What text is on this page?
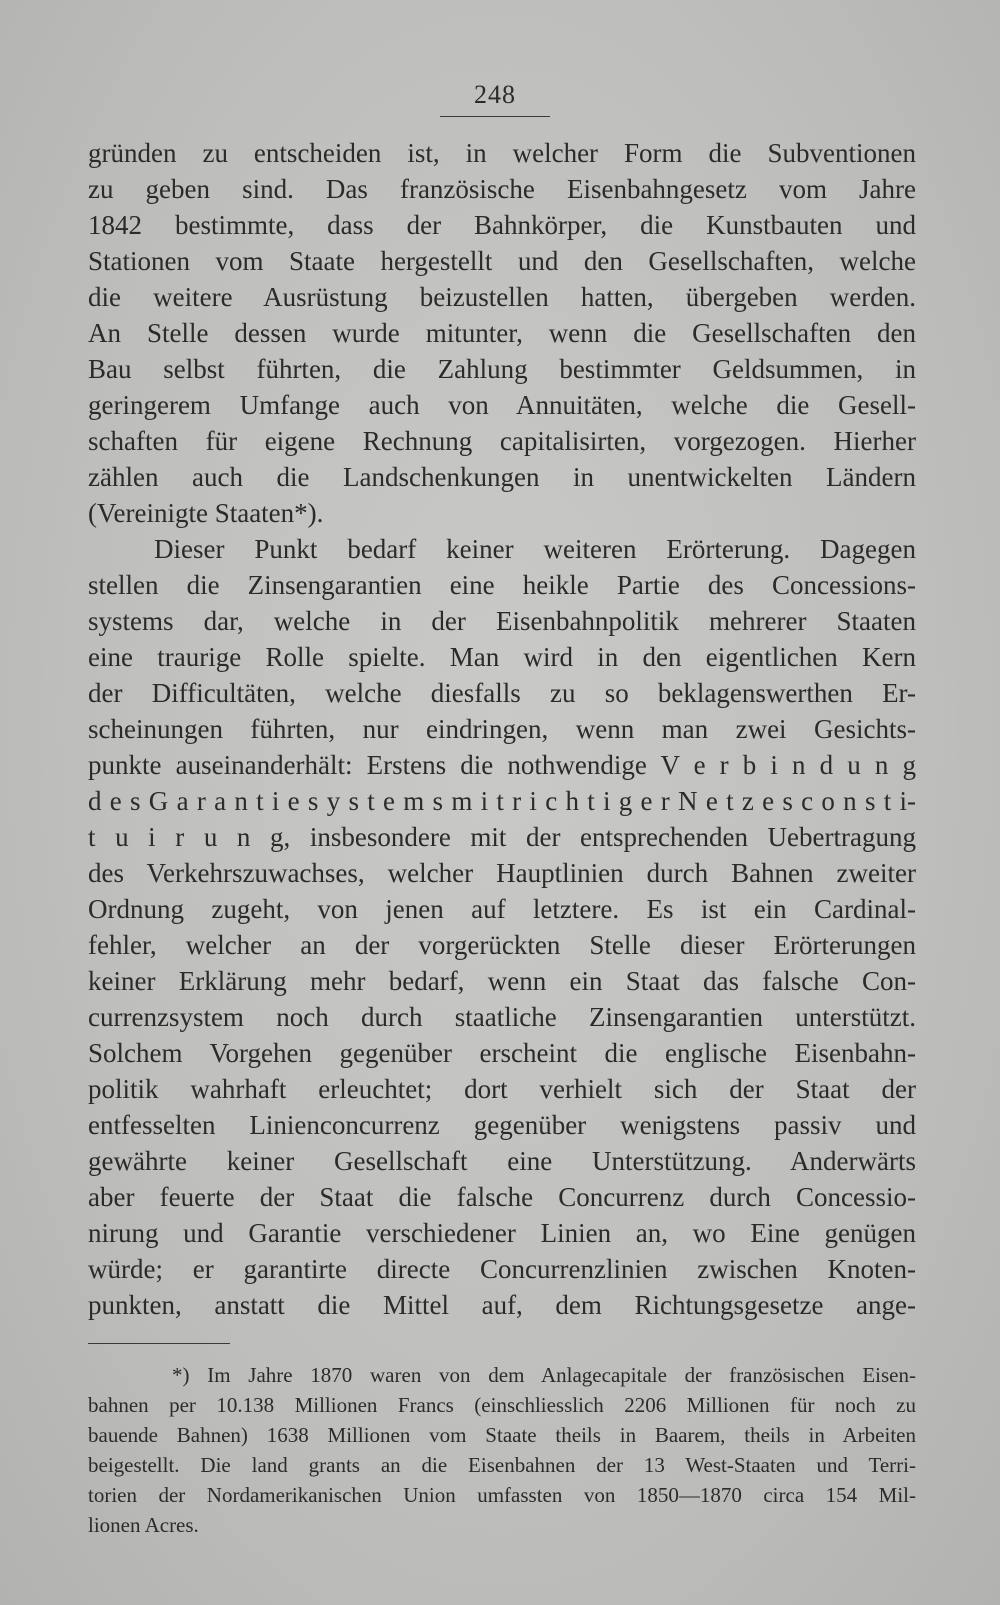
248
gründen zu entscheiden ist, in welcher Form die Subventionen
zu geben sind. Das französische Eisenbahngesetz vom Jahre
1842 bestimmte, dass der Bahnkörper, die Kunstbauten und
Stationen vom Staate hergestellt und den Gesellschaften, welche
die weitere Ausrüstung beizustellen hatten, übergeben werden.
An Stelle dessen wurde mitunter, wenn die Gesellschaften den
Bau selbst führten, die Zahlung bestimmter Geldsummen, in
geringerem Umfange auch von Annuitäten, welche die Gesell-
schaften für eigene Rechnung capitalisirten, vorgezogen. Hierher
zählen auch die Landschenkungen in unentwickelten Ländern
(Vereinigte Staaten*).
Dieser Punkt bedarf keiner weiteren Erörterung. Dagegen
stellen die Zinsengarantien eine heikle Partie des Concessions-
systems dar, welche in der Eisenbahnpolitik mehrerer Staaten
eine traurige Rolle spielte. Man wird in den eigentlichen Kern
der Difficultäten, welche diesfalls zu so beklagenswerthen Er-
scheinungen führten, nur eindringen, wenn man zwei Gesichts-
punkte auseinanderhält: Erstens die nothwendige V e r b i n d u n g
d e s G a r a n t i e s y s t e m s m i t r i c h t i g e r N e t z e s c o n s t i-
t u i r u n g, insbesondere mit der entsprechenden Uebertragung
des Verkehrszuwachses, welcher Hauptlinien durch Bahnen zweiter
Ordnung zugeht, von jenen auf letztere. Es ist ein Cardinal-
fehler, welcher an der vorgerückten Stelle dieser Erörterungen
keiner Erklärung mehr bedarf, wenn ein Staat das falsche Con-
currenzsystem noch durch staatliche Zinsengarantien unterstützt.
Solchem Vorgehen gegenüber erscheint die englische Eisenbahn-
politik wahrhaft erleuchtet; dort verhielt sich der Staat der
entfesselten Linienconcurrenz gegenüber wenigstens passiv und
gewährte keiner Gesellschaft eine Unterstützung. Anderwärts
aber feuerte der Staat die falsche Concurrenz durch Concessio-
nirung und Garantie verschiedener Linien an, wo Eine genügen
würde; er garantirte directe Concurrenzlinien zwischen Knoten-
punkten, anstatt die Mittel auf, dem Richtungsgesetze ange-
*) Im Jahre 1870 waren von dem Anlagecapitale der französischen Eisen-
bahnen per 10.138 Millionen Francs (einschliesslich 2206 Millionen für noch zu
bauende Bahnen) 1638 Millionen vom Staate theils in Baarem, theils in Arbeiten
beigestellt. Die land grants an die Eisenbahnen der 13 West-Staaten und Terri-
torien der Nordamerikanischen Union umfassten von 1850—1870 circa 154 Mil-
lionen Acres.
